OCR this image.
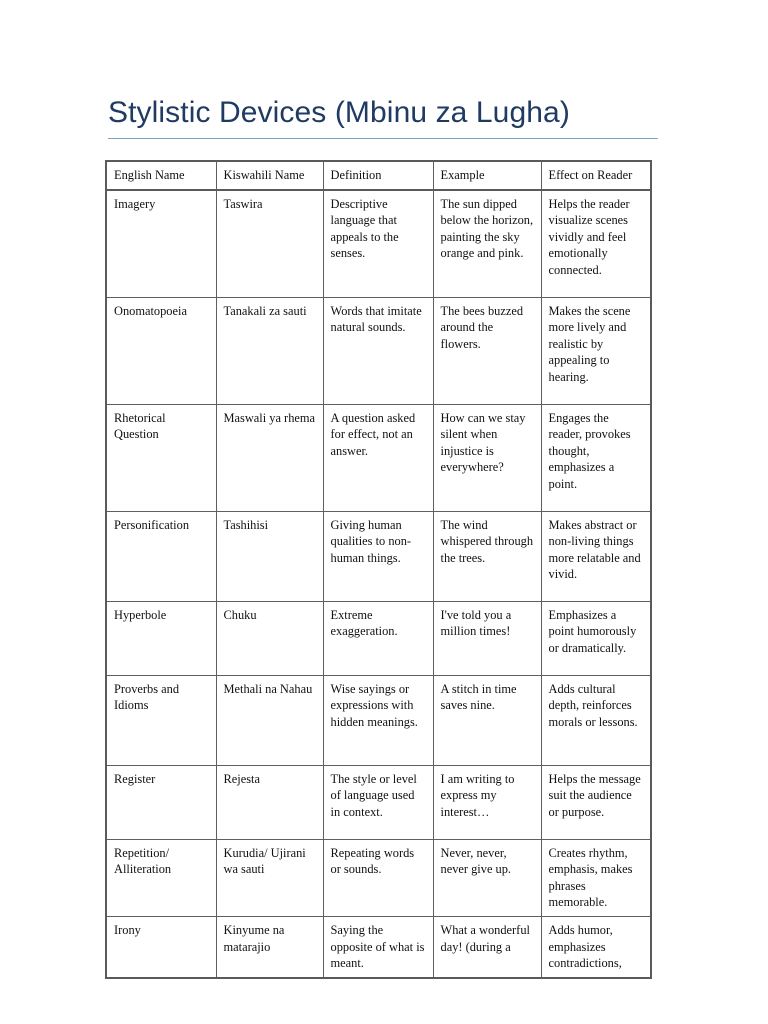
Stylistic Devices (Mbinu za Lugha)
English Name	Kiswahili Name	Definition	Example	Effect on Reader
Imagery	Taswira	Descriptive language that appeals to the senses.	The sun dipped below the horizon, painting the sky orange and pink.	Helps the reader visualize scenes vividly and feel emotionally connected.
Onomatopoeia	Tanakali za sauti	Words that imitate natural sounds.	The bees buzzed around the flowers.	Makes the scene more lively and realistic by appealing to hearing.
Rhetorical Question	Maswali ya rhema	A question asked for effect, not an answer.	How can we stay silent when injustice is everywhere?	Engages the reader, provokes thought, emphasizes a point.
Personification	Tashihisi	Giving human qualities to non-human things.	The wind whispered through the trees.	Makes abstract or non-living things more relatable and vivid.
Hyperbole	Chuku	Extreme exaggeration.	I've told you a million times!	Emphasizes a point humorously or dramatically.
Proverbs and Idioms	Methali na Nahau	Wise sayings or expressions with hidden meanings.	A stitch in time saves nine.	Adds cultural depth, reinforces morals or lessons.
Register	Rejesta	The style or level of language used in context.	I am writing to express my interest…	Helps the message suit the audience or purpose.
Repetition/ Alliteration	Kurudia/ Ujirani wa sauti	Repeating words or sounds.	Never, never, never give up.	Creates rhythm, emphasis, makes phrases memorable.
Irony	Kinyume na matarajio	Saying the opposite of what is meant.	What a wonderful day! (during a	Adds humor, emphasizes contradictions,
